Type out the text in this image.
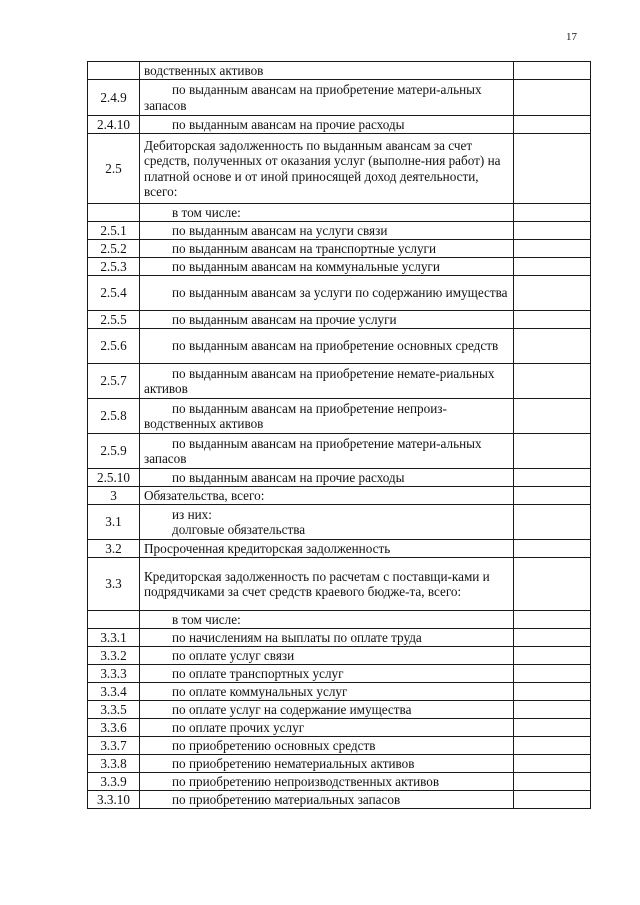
17

	водственных активов	

2.4.9	по выданным авансам на приобретение матери-альных запасов	

2.4.10	по выданным авансам на прочие расходы	

2.5	Дебиторская задолженность по выданным авансам за счет средств, полученных от оказания услуг (выполне-ния работ) на платной основе и от иной приносящей доход деятельности, всего:	

	в том числе:	

2.5.1	по выданным авансам на услуги связи	

2.5.2	по выданным авансам на транспортные услуги	

2.5.3	по выданным авансам на коммунальные услуги	

2.5.4	по выданным авансам за услуги по содержанию имущества	

2.5.5	по выданным авансам на прочие услуги	

2.5.6	по выданным авансам на приобретение основных средств	

2.5.7	по выданным авансам на приобретение немате-риальных активов	

2.5.8	по выданным авансам на приобретение непроиз-водственных активов	

2.5.9	по выданным авансам на приобретение матери-альных запасов	

2.5.10	по выданным авансам на прочие расходы	

3	Обязательства, всего:	

3.1	из них:
долговые обязательства	

3.2	Просроченная кредиторская задолженность	

3.3	Кредиторская задолженность по расчетам с поставщи-ками и подрядчиками за счет средств краевого бюдже-та, всего:	

	в том числе:	

3.3.1	по начислениям на выплаты по оплате труда	

3.3.2	по оплате услуг связи	

3.3.3	по оплате транспортных услуг	

3.3.4	по оплате коммунальных услуг	

3.3.5	по оплате услуг на содержание имущества	

3.3.6	по оплате прочих услуг	

3.3.7	по приобретению основных средств	

3.3.8	по приобретению нематериальных активов	

3.3.9	по приобретению непроизводственных активов	

3.3.10	по приобретению материальных запасов	
